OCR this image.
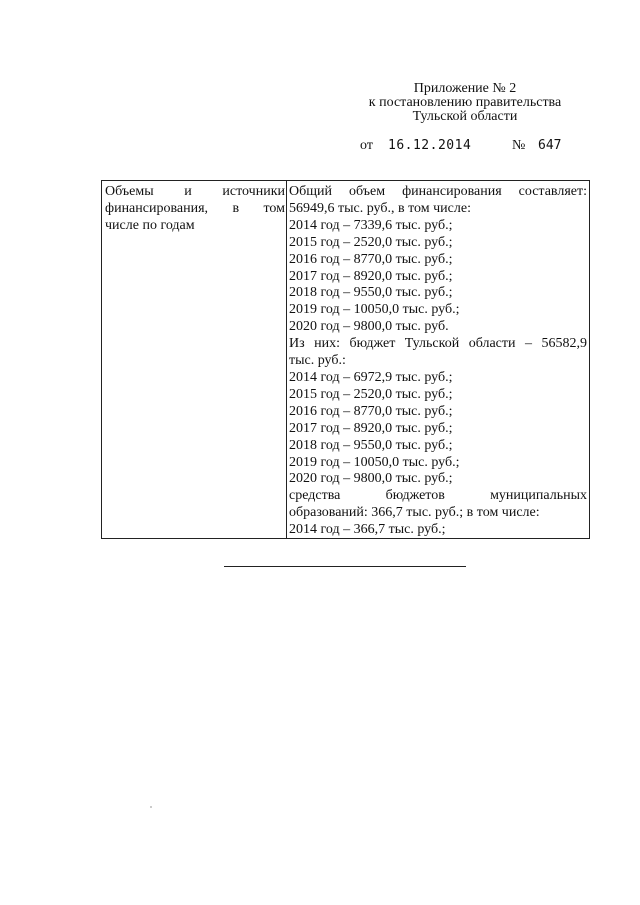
Приложение № 2
к постановлению правительства
Тульской области
от 16.12.2014	№ 647
Объемы и источники
финансирования, в том
числе по годам
Общий объем финансирования составляет:
56949,6 тыс. руб., в том числе:
2014 год – 7339,6 тыс. руб.;
2015 год – 2520,0 тыс. руб.;
2016 год – 8770,0 тыс. руб.;
2017 год – 8920,0 тыс. руб.;
2018 год – 9550,0 тыс. руб.;
2019 год – 10050,0 тыс. руб.;
2020 год – 9800,0 тыс. руб.
Из них: бюджет Тульской области – 56582,9
тыс. руб.:
2014 год – 6972,9 тыс. руб.;
2015 год – 2520,0 тыс. руб.;
2016 год – 8770,0 тыс. руб.;
2017 год – 8920,0 тыс. руб.;
2018 год – 9550,0 тыс. руб.;
2019 год – 10050,0 тыс. руб.;
2020 год – 9800,0 тыс. руб.;
средства бюджетов муниципальных
образований: 366,7 тыс. руб.; в том числе:
2014 год – 366,7 тыс. руб.;
